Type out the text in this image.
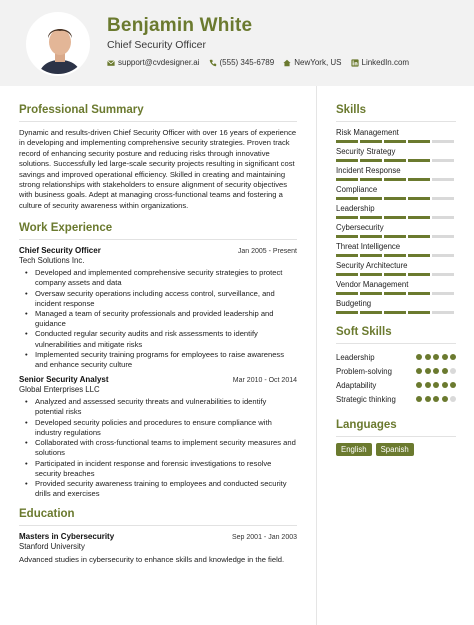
Benjamin White
Chief Security Officer
support@cvdesigner.ai	(555) 345-6789	NewYork, US	LinkedIn.com
Professional Summary

Dynamic and results-driven Chief Security Officer with over 16 years of experience in developing and implementing comprehensive security strategies. Proven track record of enhancing security posture and reducing risks through innovative solutions. Successfully led large-scale security projects resulting in significant cost savings and improved operational efficiency. Skilled in creating and maintaining strong relationships with stakeholders to ensure alignment of security objectives with business goals. Adept at managing cross-functional teams and fostering a culture of security awareness within organizations.

Work Experience
Chief Security Officer	Jan 2005 - Present
Tech Solutions Inc.
• Developed and implemented comprehensive security strategies to protect company assets and data
• Oversaw security operations including access control, surveillance, and incident response
• Managed a team of security professionals and provided leadership and guidance
• Conducted regular security audits and risk assessments to identify vulnerabilities and mitigate risks
• Implemented security training programs for employees to raise awareness and enhance security culture
Senior Security Analyst	Mar 2010 - Oct 2014
Global Enterprises LLC
• Analyzed and assessed security threats and vulnerabilities to identify potential risks
• Developed security policies and procedures to ensure compliance with industry regulations
• Collaborated with cross-functional teams to implement security measures and solutions
• Participated in incident response and forensic investigations to resolve security breaches
• Provided security awareness training to employees and conducted security drills and exercises
Education
Masters in Cybersecurity	Sep 2001 - Jan 2003
Stanford University

Advanced studies in cybersecurity to enhance skills and knowledge in the field.

Skills
Risk Management
Security Strategy
Incident Response
Compliance
Leadership
Cybersecurity
Threat Intelligence
Security Architecture
Vendor Management
Budgeting
Soft Skills
Leadership
Problem-solving
Adaptability
Strategic thinking
Languages
English	Spanish
